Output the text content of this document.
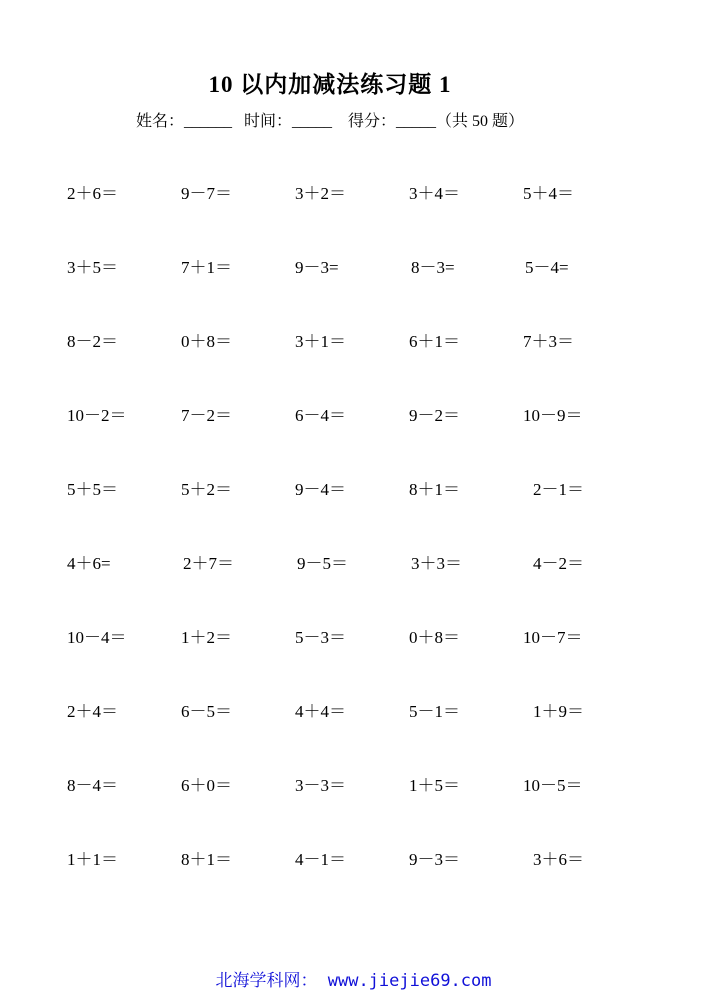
10 以内加减法练习题 1
姓名：______   时间：_____    得分：_____（共 50 题）
2＋6＝	9－7＝	3＋2＝	3＋4＝	5＋4＝
3＋5＝	7＋1＝	9－3=	8－3=	5－4=
8－2＝	0＋8＝	3＋1＝	6＋1＝	7＋3＝
10－2＝	7－2＝	6－4＝	9－2＝	10－9＝
5＋5＝	5＋2＝	9－4＝	8＋1＝	2－1＝
4＋6=	2＋7＝	9－5＝	3＋3＝	4－2＝
10－4＝	1＋2＝	5－3＝	0＋8＝	10－7＝
2＋4＝	6－5＝	4＋4＝	5－1＝	1＋9＝
8－4＝	6＋0＝	3－3＝	1＋5＝	10－5＝
1＋1＝	8＋1＝	4－1＝	9－3＝	3＋6＝
北海学科网： www.jiejie69.com
